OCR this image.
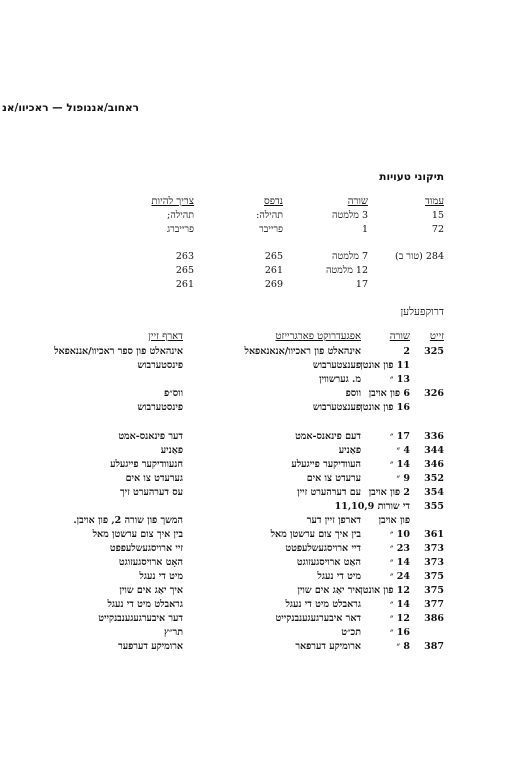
ראחוב/אננופול — ראכיוו/אנ
תיקוני טעויות
עמוד
שורה
נדפס
צריך להיות
15
3 מלמטה
תהילה:
תהילה;
72
1
פרייבר
פרייברג
284 (טור ב)
7 מלמטה
265
263
12 מלמטה
261
265
17
269
261
דרוקפעלען
זייט
שורה
אפגעדרוקט פארגרייזט
דארף זיין
325
2
אינהאלט פון ראכיוו/אנאנאפאל
אינהאלט פון ספר ראכיוו/אננאפאל
11 פון אונטן
פענצטערבוש
פינסטערבוש
13 ״
מ. גערשווין
326
6 פון אויבן
ווספ
ווס״פ
16 פון אונטן
פענצטערבוש
פינסטערבוש
336
17 ״
דעם פינאנס-אמט
דער פינאנס-אמט
344
4 ״
פאַניע
פאַניע
346
14 ״
העוודיקער פייגעלע
חנעוודיקער פייגעלע
352
9 ״
ערעדט צו אים
גערעדט צו אים
354
2 פון אויבן
עם דערהערט זיין
עס דערהערט זיך
355
די שורות 11,10,9
פון אויבן
דארפן זיין דער
המשך פון שורה 2, פון אויבן.
361
10 ״
בין איך צום ערשטן מאל
בין איך צום ערשטן מאל
373
23 ״
דיי ארויסגעשלעפטט
זיי ארויסגעשלעפפט
373
14 ״
האַט ארויסגעזוגט
האָט ארויסגעזוגט
375
24 ״
מיט די נעגל
מיט די נעגל
375
12 פון אונטן
איר יאַג אים שוין
איך יאַג אים שוין
377
14 ״
גראבלט מיט די נעגל
גראבלט מיט די נעגל
386
12 ״
דאר איבערגעגענבנקייט
דער איבערגעגענבנקייט
16 ״
תכ״ט
תר״ץ
387
8 ״
ארומיקע דערפאר
ארומיקע דערפער
